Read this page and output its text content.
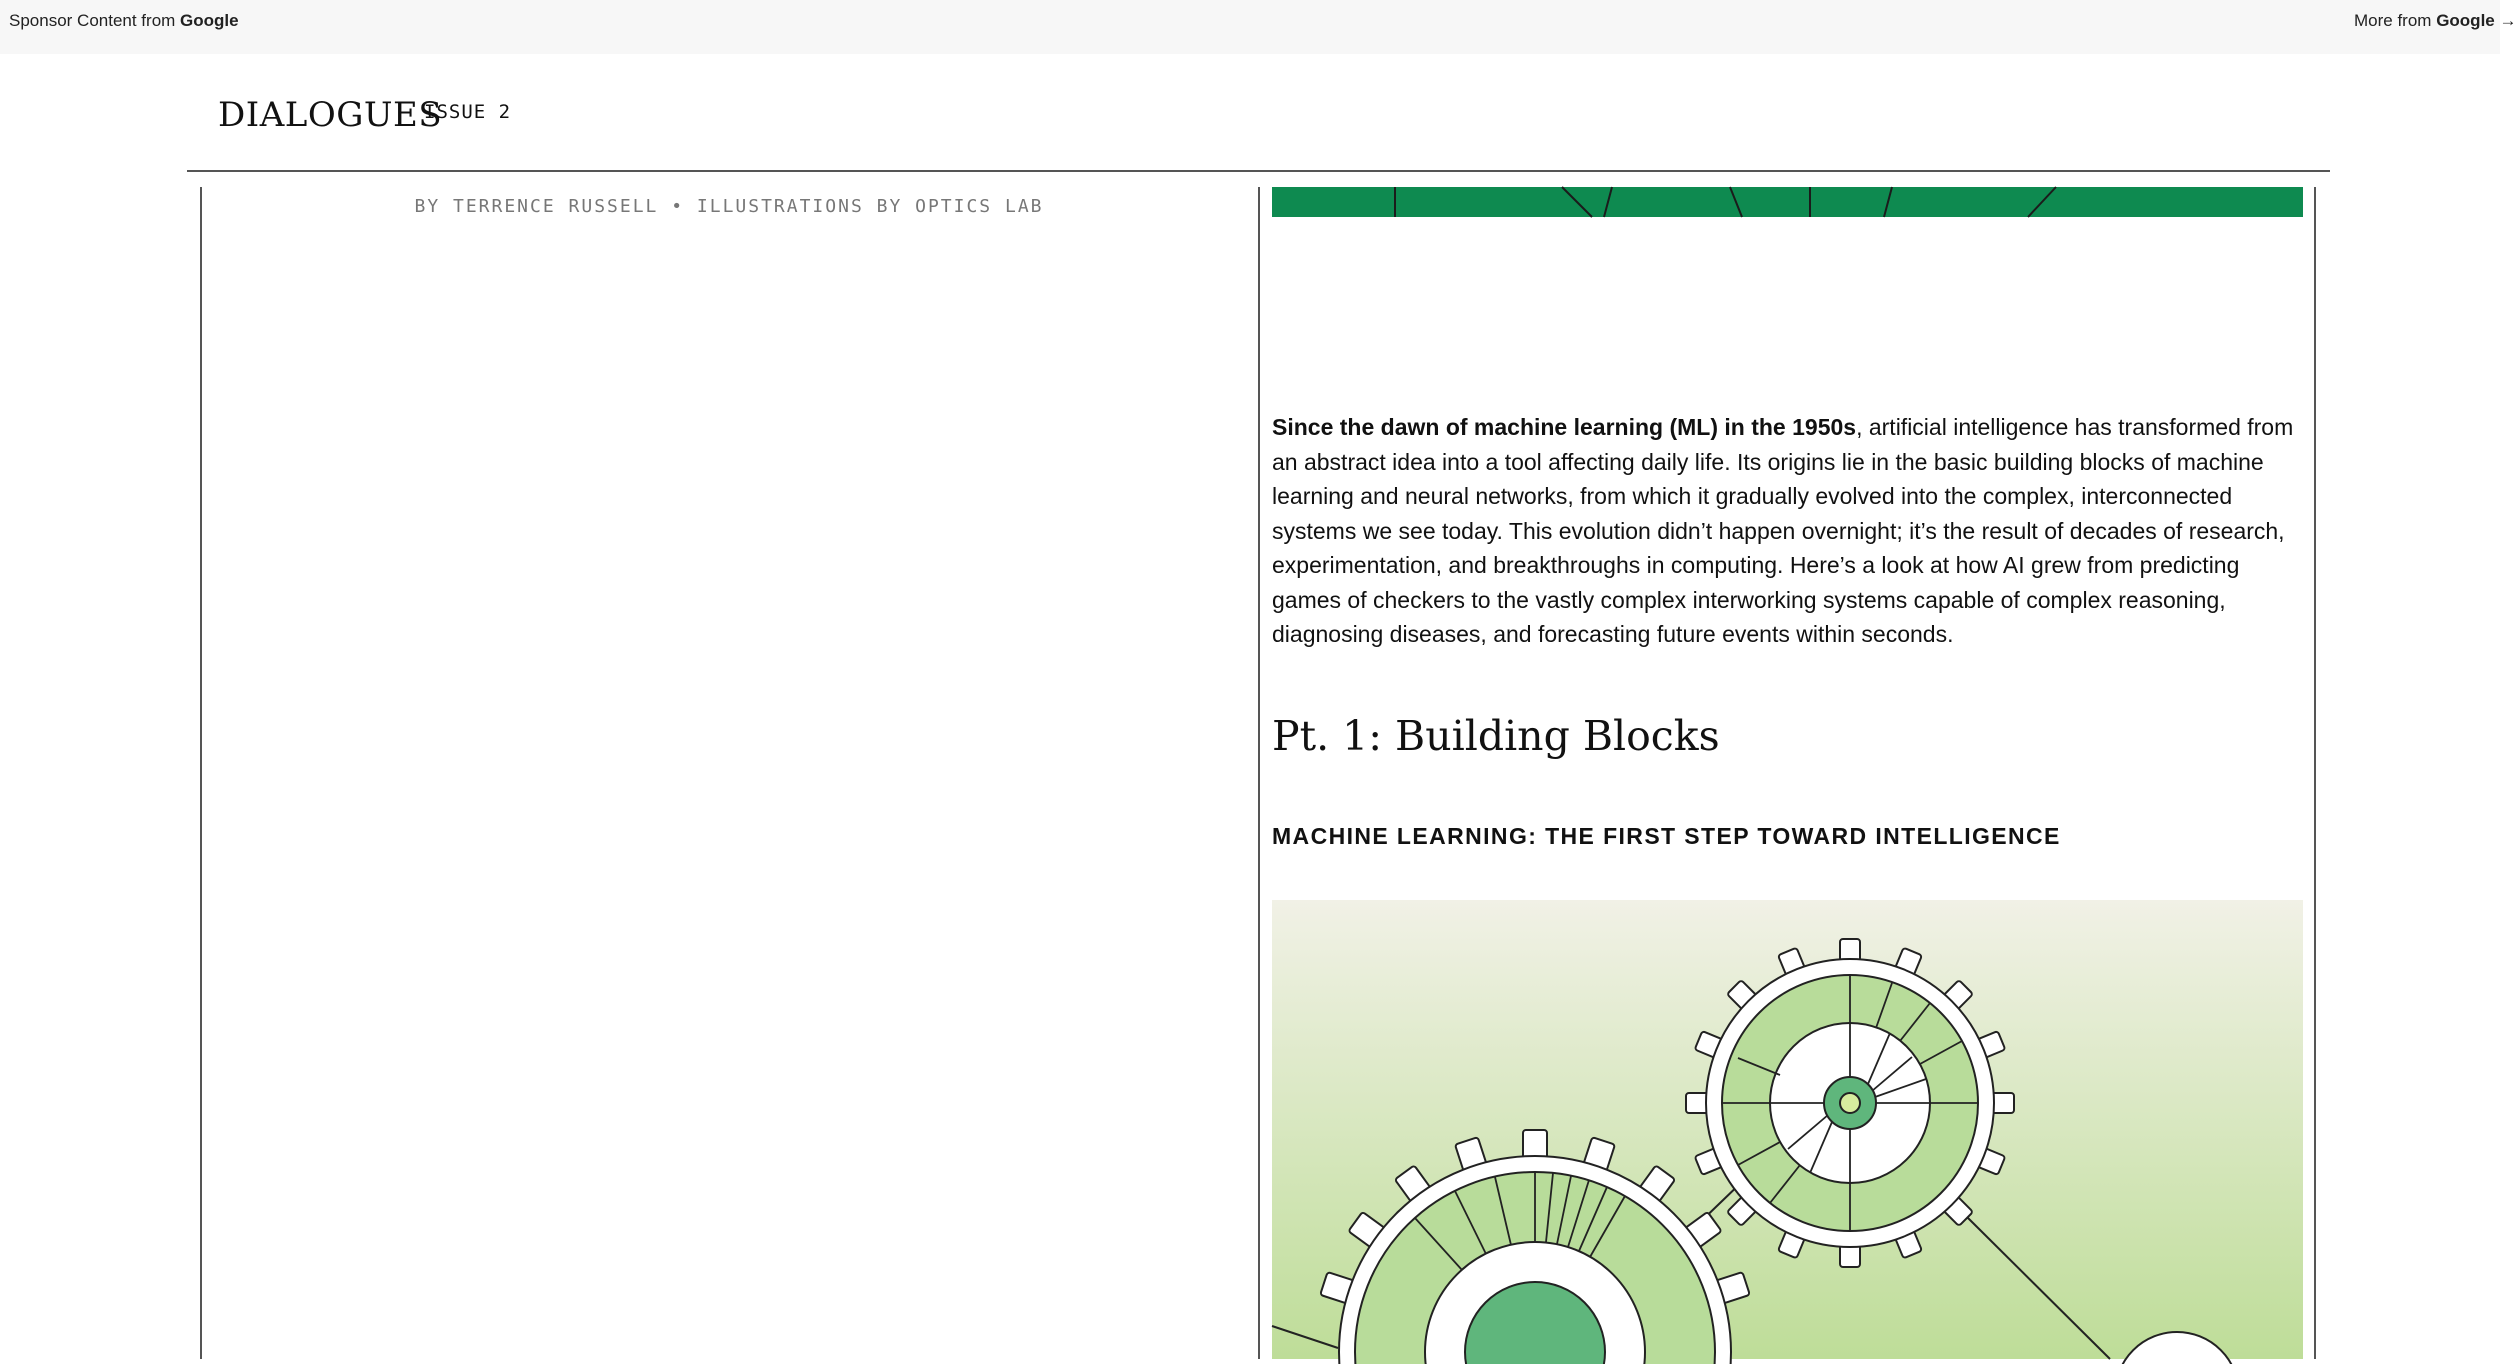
Sponsor Content from Google	More from Google →
DIALOGUES
ISSUE 2
BY TERRENCE RUSSELL • ILLUSTRATIONS BY OPTICS LAB
Since the dawn of machine learning (ML) in the 1950s, artificial intelligence has transformed from an abstract idea into a tool affecting daily life. Its origins lie in the basic building blocks of machine learning and neural networks, from which it gradually evolved into the complex, interconnected systems we see today. This evolution didn’t happen overnight; it’s the result of decades of research, experimentation, and breakthroughs in computing. Here’s a look at how AI grew from predicting games of checkers to the vastly complex interworking systems capable of complex reasoning, diagnosing diseases, and forecasting future events within seconds.
Pt. 1: Building Blocks
MACHINE LEARNING: THE FIRST STEP TOWARD INTELLIGENCE
